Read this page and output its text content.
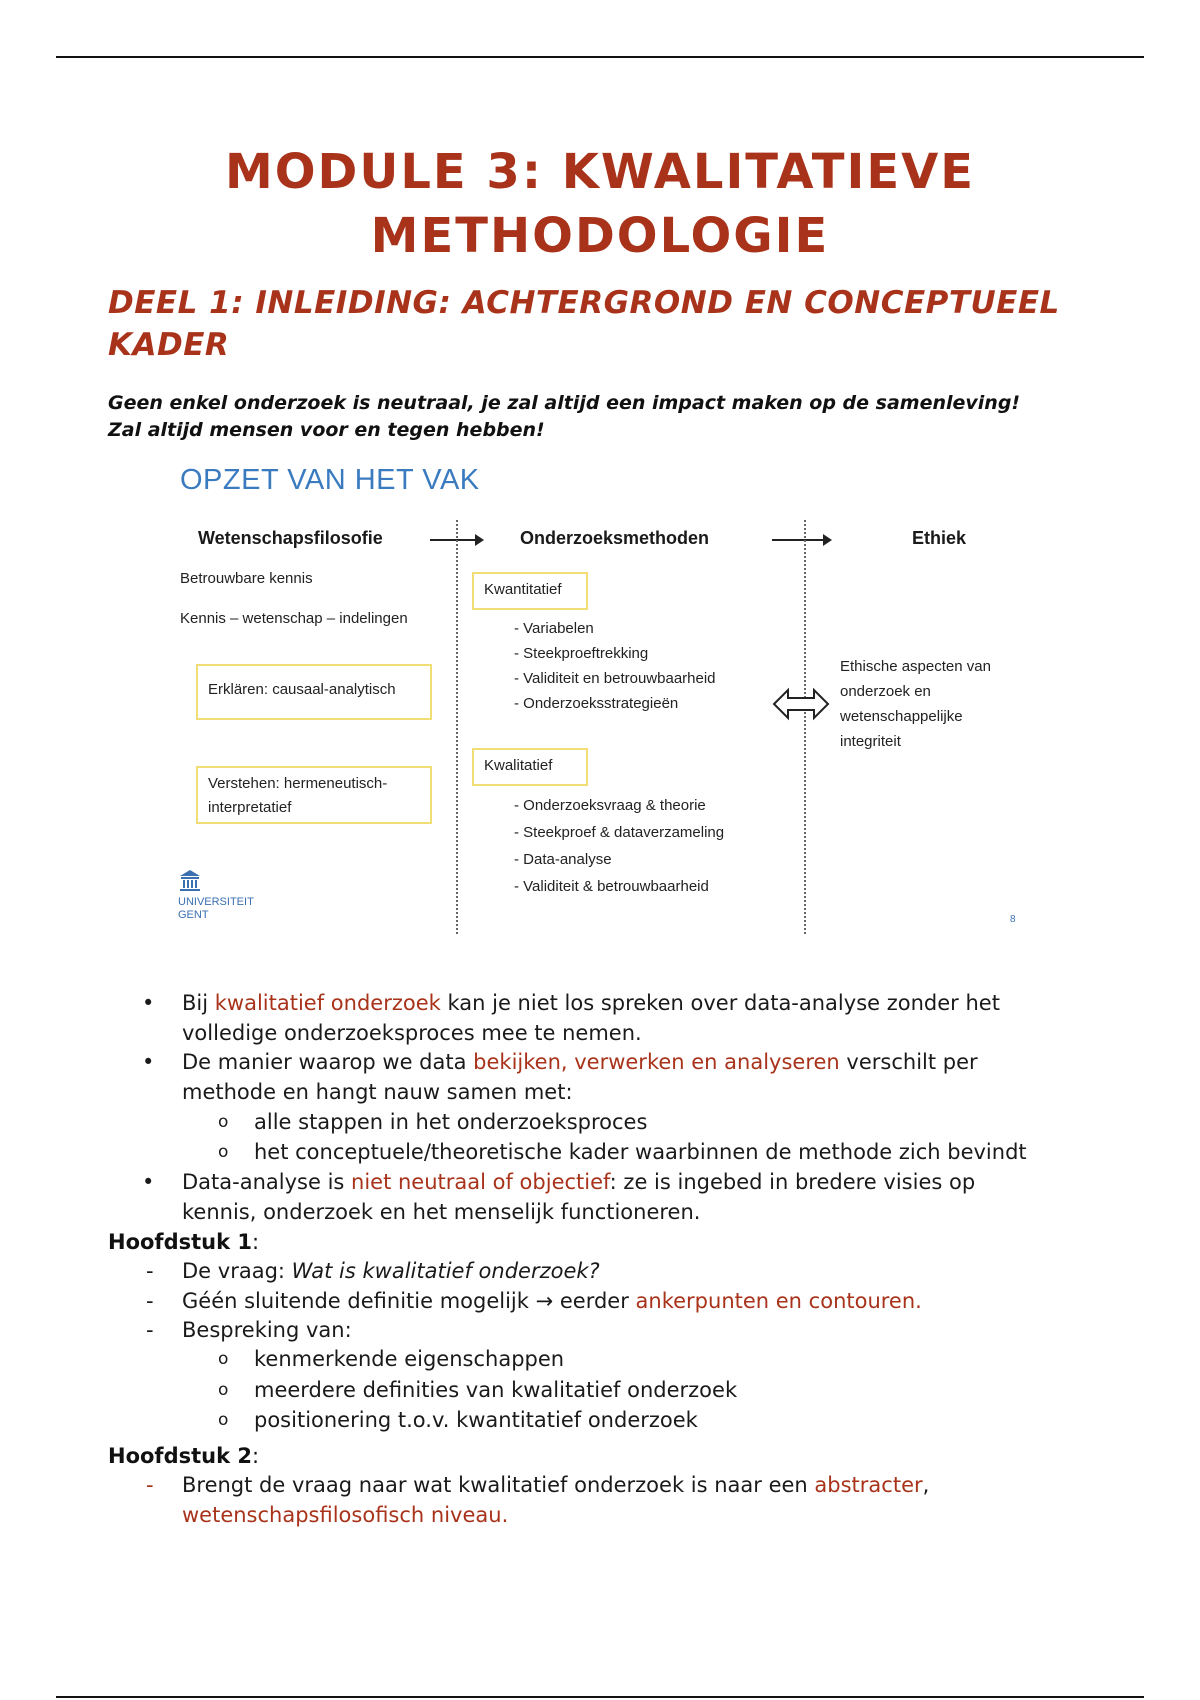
MODULE 3: KWALITATIEVE
METHODOLOGIE
DEEL 1: INLEIDING: ACHTERGROND EN CONCEPTUEEL
KADER

Geen enkel onderzoek is neutraal, je zal altijd een impact maken op de samenleving!
Zal altijd mensen voor en tegen hebben!

OPZET VAN HET VAK
Wetenschapsfilosofie	Onderzoeksmethoden	Ethiek
Betrouwbare kennis
Kennis – wetenschap – indelingen
Erklären: causaal-analytisch
Verstehen: hermeneutisch-
interpretatief
Kwantitatief
- Variabelen
- Steekproeftrekking
- Validiteit en betrouwbaarheid
- Onderzoeksstrategieën
Kwalitatief
- Onderzoeksvraag & theorie
- Steekproef & dataverzameling
- Data-analyse
- Validiteit & betrouwbaarheid
Ethische aspecten van
onderzoek en
wetenschappelijke
integriteit
UNIVERSITEIT
GENT	8
• Bij kwalitatief onderzoek kan je niet los spreken over data-analyse zonder het
volledige onderzoeksproces mee te nemen.
• De manier waarop we data bekijken, verwerken en analyseren verschilt per
methode en hangt nauw samen met:
o alle stappen in het onderzoeksproces
o het conceptuele/theoretische kader waarbinnen de methode zich bevindt
• Data-analyse is niet neutraal of objectief: ze is ingebed in bredere visies op
kennis, onderzoek en het menselijk functioneren.
Hoofdstuk 1:
- De vraag: Wat is kwalitatief onderzoek?
- Géén sluitende definitie mogelijk → eerder ankerpunten en contouren.
- Bespreking van:
o kenmerkende eigenschappen
o meerdere definities van kwalitatief onderzoek
o positionering t.o.v. kwantitatief onderzoek
Hoofdstuk 2:
- Brengt de vraag naar wat kwalitatief onderzoek is naar een abstracter,
wetenschapsfilosofisch niveau.
